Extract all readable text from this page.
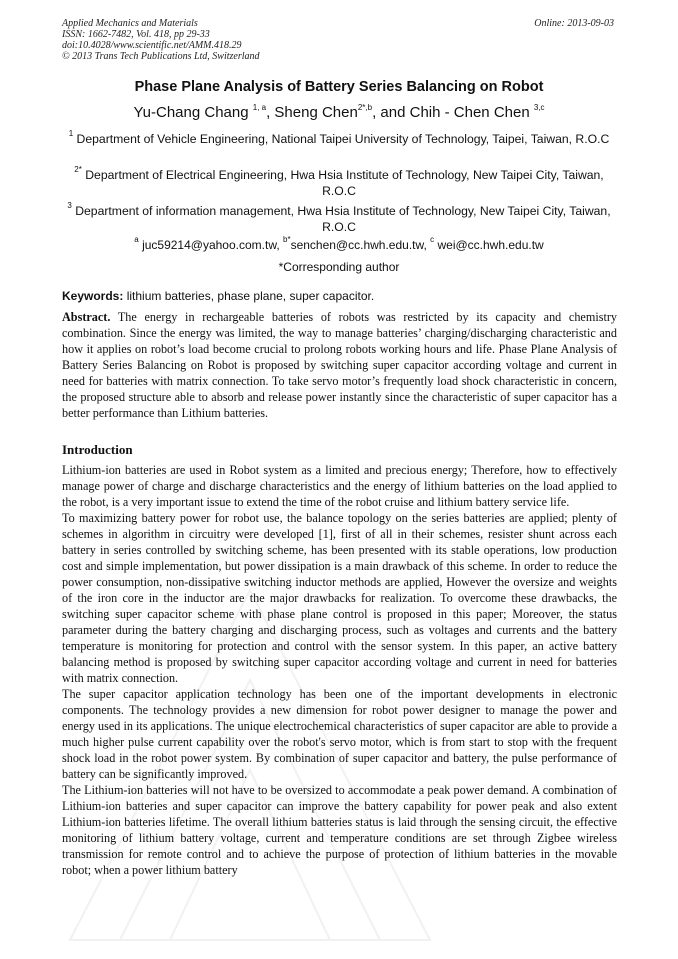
Applied Mechanics and Materials
ISSN: 1662-7482, Vol. 418, pp 29-33
doi:10.4028/www.scientific.net/AMM.418.29
© 2013 Trans Tech Publications Ltd, Switzerland
Online: 2013-09-03
Phase Plane Analysis of Battery Series Balancing on Robot
Yu-Chang Chang $^{1, a}$, Sheng Chen$^{2*,b}$, and Chih - Chen Chen $^{3,c}$
$^1$ Department of Vehicle Engineering, National Taipei University of Technology, Taipei, Taiwan, R.O.C
$^{2*}$ Department of Electrical Engineering, Hwa Hsia Institute of Technology, New Taipei City, Taiwan, R.O.C
$^3$ Department of information management, Hwa Hsia Institute of Technology, New Taipei City, Taiwan, R.O.C
$^a$ juc59214@yahoo.com.tw, $^{b*}$senchen@cc.hwh.edu.tw, $^c$ wei@cc.hwh.edu.tw
*Corresponding author
Keywords: lithium batteries, phase plane, super capacitor.
Abstract. The energy in rechargeable batteries of robots was restricted by its capacity and chemistry combination. Since the energy was limited, the way to manage batteries’ charging/discharging characteristic and how it applies on robot’s load become crucial to prolong robots working hours and life. Phase Plane Analysis of Battery Series Balancing on Robot is proposed by switching super capacitor according voltage and current in need for batteries with matrix connection. To take servo motor’s frequently load shock characteristic in concern, the proposed structure able to absorb and release power instantly since the characteristic of super capacitor has a better performance than Lithium batteries.
Introduction

Lithium-ion batteries are used in Robot system as a limited and precious energy; Therefore, how to effectively manage power of charge and discharge characteristics and the energy of lithium batteries on the load applied to the robot, is a very important issue to extend the time of the robot cruise and lithium battery service life.

To maximizing battery power for robot use, the balance topology on the series batteries are applied; plenty of schemes in algorithm in circuitry were developed [1], first of all in their schemes, resister shunt across each battery in series controlled by switching scheme, has been presented with its stable operations, low production cost and simple implementation, but power dissipation is a main drawback of this scheme. In order to reduce the power consumption, non-dissipative switching inductor methods are applied, However the oversize and weights of the iron core in the inductor are the major drawbacks for realization. To overcome these drawbacks, the switching super capacitor scheme with phase plane control is proposed in this paper; Moreover, the status parameter during the battery charging and discharging process, such as voltages and currents and the battery temperature is monitoring for protection and control with the sensor system. In this paper, an active battery balancing method is proposed by switching super capacitor according voltage and current in need for batteries with matrix connection.

The super capacitor application technology has been one of the important developments in electronic components. The technology provides a new dimension for robot power designer to manage the power and energy used in its applications. The unique electrochemical characteristics of super capacitor are able to provide a much higher pulse current capability over the robot's servo motor, which is from start to stop with the frequent shock load in the robot power system. By combination of super capacitor and battery, the pulse performance of battery can be significantly improved.

The Lithium-ion batteries will not have to be oversized to accommodate a peak power demand. A combination of Lithium-ion batteries and super capacitor can improve the battery capability for power peak and also extent Lithium-ion batteries lifetime. The overall lithium batteries status is laid through the sensing circuit, the effective monitoring of lithium battery voltage, current and temperature conditions are set through Zigbee wireless transmission for remote control and to achieve the purpose of protection of lithium batteries in the movable robot; when a power lithium battery
